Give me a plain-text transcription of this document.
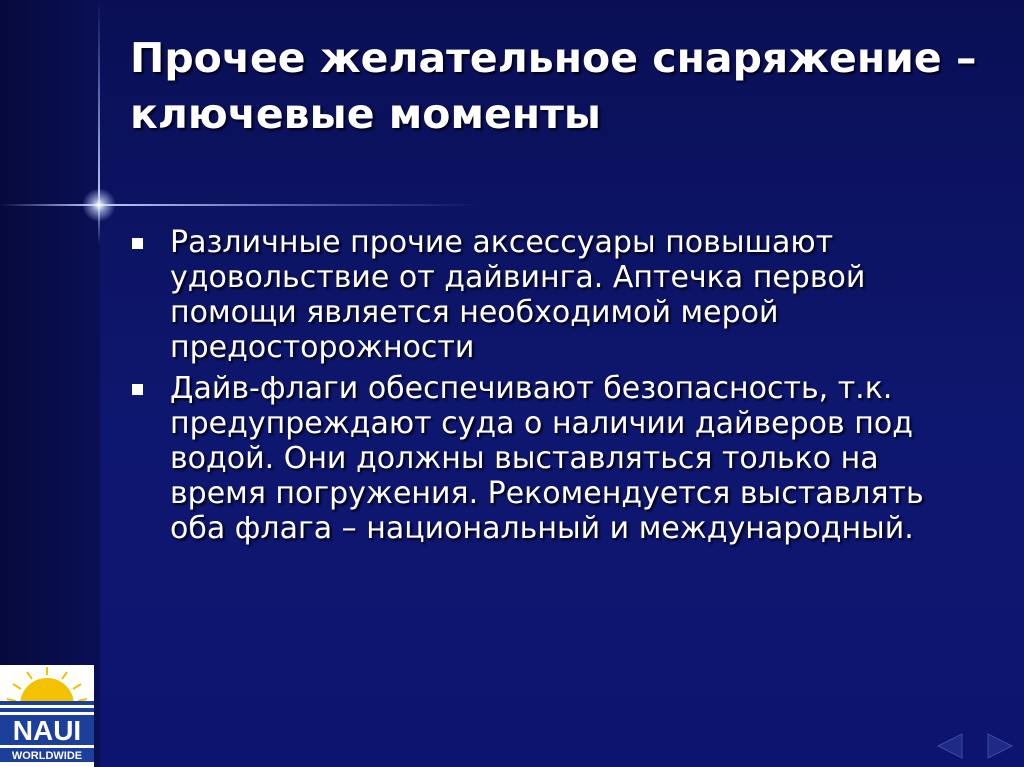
Прочее желательное снаряжение – ключевые моменты
Различные прочие аксессуары повышают удовольствие от дайвинга. Аптечка первой помощи является необходимой мерой предосторожности
Дайв-флаги обеспечивают безопасность, т.к. предупреждают суда о наличии дайверов под водой. Они должны выставляться только на время погружения. Рекомендуется выставлять оба флага – национальный и международный.
NAUI
WORLDWIDE
